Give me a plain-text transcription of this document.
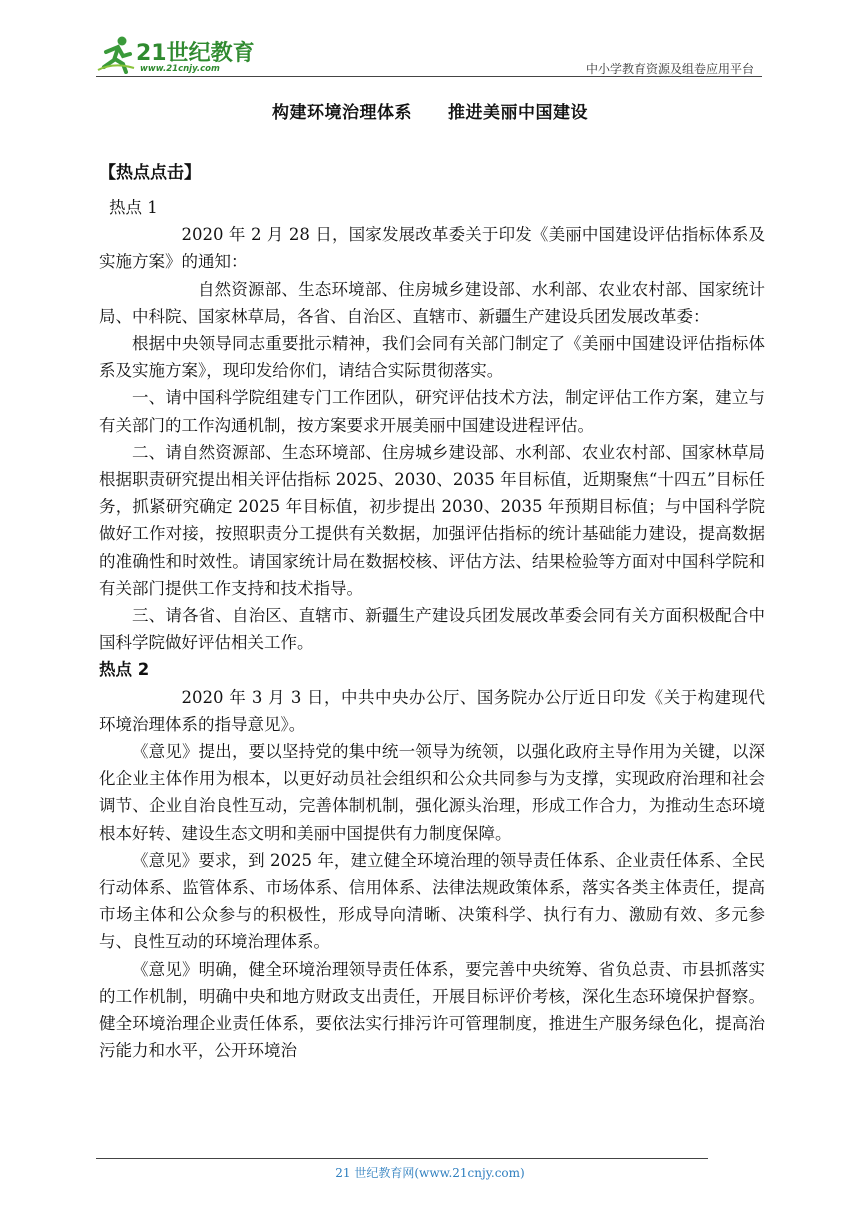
21世纪教育
www.21cnjy.com	中小学教育资源及组卷应用平台
构建环境治理体系 推进美丽中国建设

【热点点击】

热点 1

2020 年 2 月 28 日，国家发展改革委关于印发《美丽中国建设评估指标体系及实施方案》的通知：

自然资源部、生态环境部、住房城乡建设部、水利部、农业农村部、国家统计局、中科院、国家林草局，各省、自治区、直辖市、新疆生产建设兵团发展改革委：

根据中央领导同志重要批示精神，我们会同有关部门制定了《美丽中国建设评估指标体系及实施方案》，现印发给你们，请结合实际贯彻落实。

一、请中国科学院组建专门工作团队，研究评估技术方法，制定评估工作方案，建立与有关部门的工作沟通机制，按方案要求开展美丽中国建设进程评估。

二、请自然资源部、生态环境部、住房城乡建设部、水利部、农业农村部、国家林草局根据职责研究提出相关评估指标 2025、2030、2035 年目标值，近期聚焦“十四五”目标任务，抓紧研究确定 2025 年目标值，初步提出 2030、2035 年预期目标值；与中国科学院做好工作对接，按照职责分工提供有关数据，加强评估指标的统计基础能力建设，提高数据的准确性和时效性。请国家统计局在数据校核、评估方法、结果检验等方面对中国科学院和有关部门提供工作支持和技术指导。

三、请各省、自治区、直辖市、新疆生产建设兵团发展改革委会同有关方面积极配合中国科学院做好评估相关工作。

热点 2

2020 年 3 月 3 日，中共中央办公厅、国务院办公厅近日印发《关于构建现代环境治理体系的指导意见》。

《意见》提出，要以坚持党的集中统一领导为统领，以强化政府主导作用为关键，以深化企业主体作用为根本，以更好动员社会组织和公众共同参与为支撑，实现政府治理和社会调节、企业自治良性互动，完善体制机制，强化源头治理，形成工作合力，为推动生态环境根本好转、建设生态文明和美丽中国提供有力制度保障。

《意见》要求，到 2025 年，建立健全环境治理的领导责任体系、企业责任体系、全民行动体系、监管体系、市场体系、信用体系、法律法规政策体系，落实各类主体责任，提高市场主体和公众参与的积极性，形成导向清晰、决策科学、执行有力、激励有效、多元参与、良性互动的环境治理体系。

《意见》明确，健全环境治理领导责任体系，要完善中央统筹、省负总责、市县抓落实的工作机制，明确中央和地方财政支出责任，开展目标评价考核，深化生态环境保护督察。健全环境治理企业责任体系，要依法实行排污许可管理制度，推进生产服务绿色化，提高治污能力和水平，公开环境治

21 世纪教育网(www.21cnjy.com)
